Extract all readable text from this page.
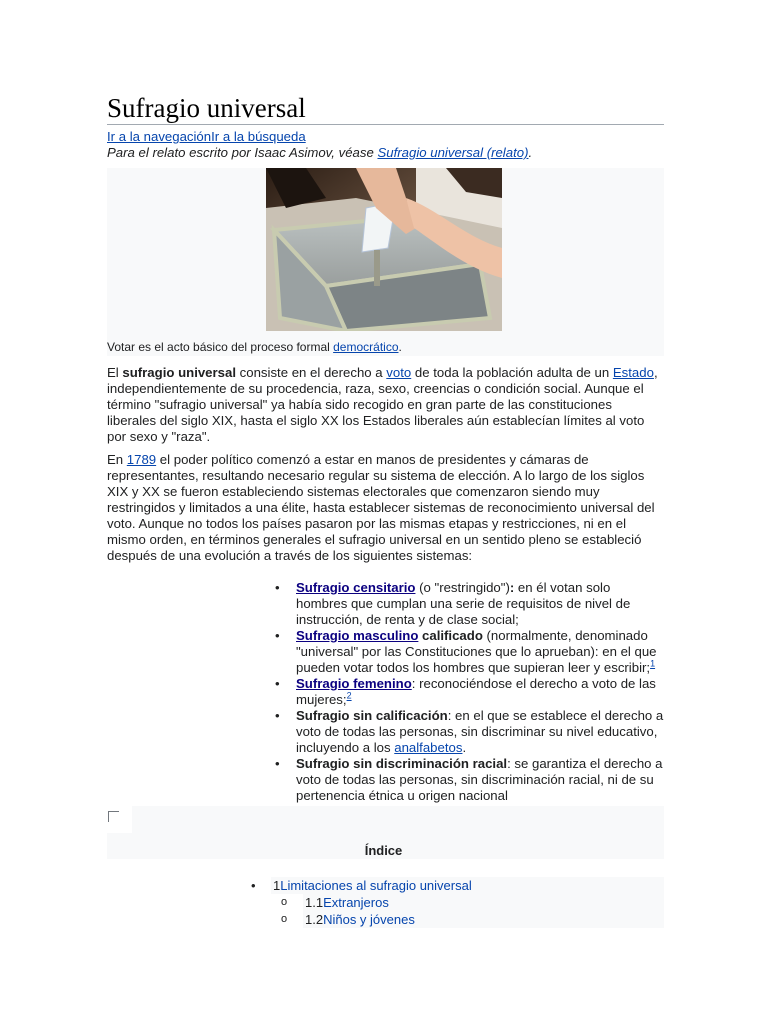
Sufragio universal
Ir a la navegaciónIr a la búsqueda
Para el relato escrito por Isaac Asimov, véase Sufragio universal (relato).
Votar es el acto básico del proceso formal democrático.

El sufragio universal consiste en el derecho a voto de toda la población adulta de un Estado, independientemente de su procedencia, raza, sexo, creencias o condición social. Aunque el término "sufragio universal" ya había sido recogido en gran parte de las constituciones liberales del siglo XIX, hasta el siglo XX los Estados liberales aún establecían límites al voto por sexo y "raza".

En 1789 el poder político comenzó a estar en manos de presidentes y cámaras de representantes, resultando necesario regular su sistema de elección. A lo largo de los siglos XIX y XX se fueron estableciendo sistemas electorales que comenzaron siendo muy restringidos y limitados a una élite, hasta establecer sistemas de reconocimiento universal del voto. Aunque no todos los países pasaron por las mismas etapas y restricciones, ni en el mismo orden, en términos generales el sufragio universal en un sentido pleno se estableció después de una evolución a través de los siguientes sistemas:

• Sufragio censitario (o "restringido"): en él votan solo hombres que cumplan una serie de requisitos de nivel de instrucción, de renta y de clase social;
• Sufragio masculino calificado (normalmente, denominado "universal" por las Constituciones que lo aprueban): en el que pueden votar todos los hombres que supieran leer y escribir;$^1$
• Sufragio femenino: reconociéndose el derecho a voto de las mujeres;$^2$
• Sufragio sin calificación: en el que se establece el derecho a voto de todas las personas, sin discriminar su nivel educativo, incluyendo a los analfabetos.
• Sufragio sin discriminación racial: se garantiza el derecho a voto de todas las personas, sin discriminación racial, ni de su pertenencia étnica u origen nacional
Índice
• 1Limitaciones al sufragio universal
o 1.1Extranjeros
o 1.2Niños y jóvenes
